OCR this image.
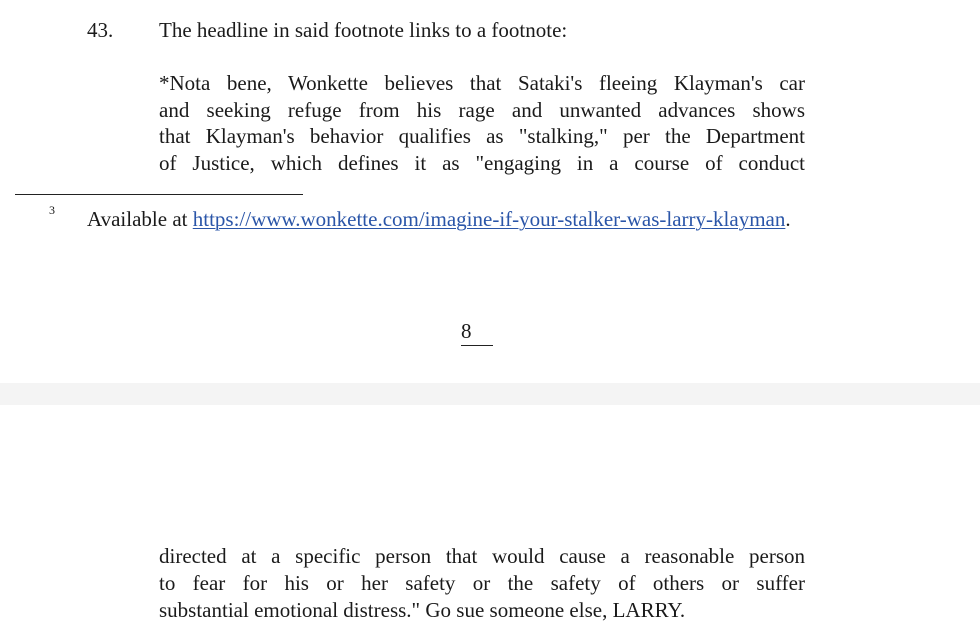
43. The headline in said footnote links to a footnote:
*Nota bene, Wonkette believes that Sataki's fleeing Klayman's car
and seeking refuge from his rage and unwanted advances shows
that Klayman's behavior qualifies as "stalking," per the Department
of Justice, which defines it as "engaging in a course of conduct
3 Available at https://www.wonkette.com/imagine-if-your-stalker-was-larry-klayman.
8
directed at a specific person that would cause a reasonable person
to fear for his or her safety or the safety of others or suffer
substantial emotional distress." Go sue someone else, LARRY.
